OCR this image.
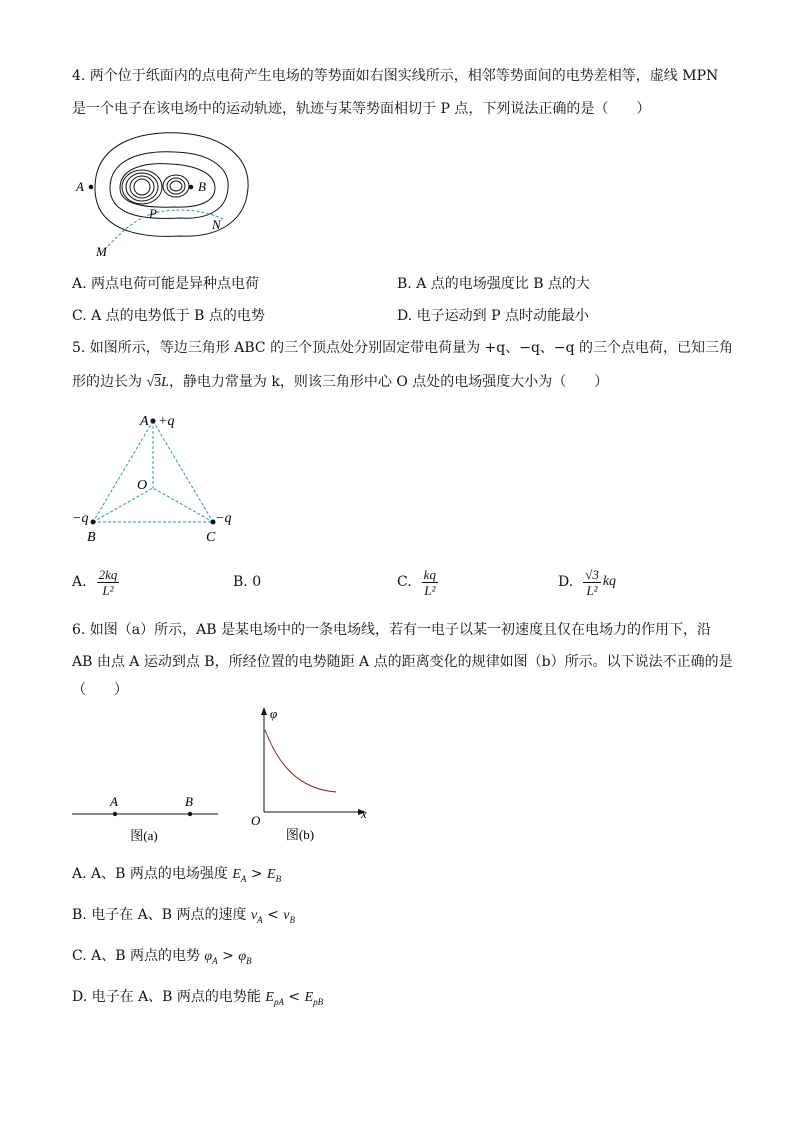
4. 两个位于纸面内的点电荷产生电场的等势面如右图实线所示，相邻等势面间的电势差相等，虚线 MPN
是一个电子在该电场中的运动轨迹，轨迹与某等势面相切于 P 点，下列说法正确的是（　　）
A	B
P
M
N
A. 两点电荷可能是异种点电荷	B. A 点的电场强度比 B 点的大
C. A 点的电势低于 B 点的电势	D. 电子运动到 P 点时动能最小
5. 如图所示，等边三角形 ABC 的三个顶点处分别固定带电荷量为 +q、−q、−q 的三个点电荷，已知三角
形的边长为 √3L，静电力常量为 k，则该三角形中心 O 点处的电场强度大小为（　　）
A +q
O
−q	−q
B	C
A. $\frac{2kq}{\text{L²}}$	B. 0	C. $\frac{kq}{\text{L²}}$	D. $\frac{√3}{\text{L²}}$ kq
6. 如图（a）所示，AB 是某电场中的一条电场线，若有一电子以某一初速度且仅在电场力的作用下，沿
AB 由点 A 运动到点 B，所经位置的电势随距 A 点的距离变化的规律如图（b）所示。以下说法不正确的是
（　　）
A	B
图(a)
φ
O	x
图(b)
A. A、B 两点的电场强度 $E_A > E_B$
B. 电子在 A、B 两点的速度 $v_A < v_B$
C. A、B 两点的电势 $\varphi_A > \varphi_B$
D. 电子在 A、B 两点的电势能 $E_{pA} < E_{pB}$
